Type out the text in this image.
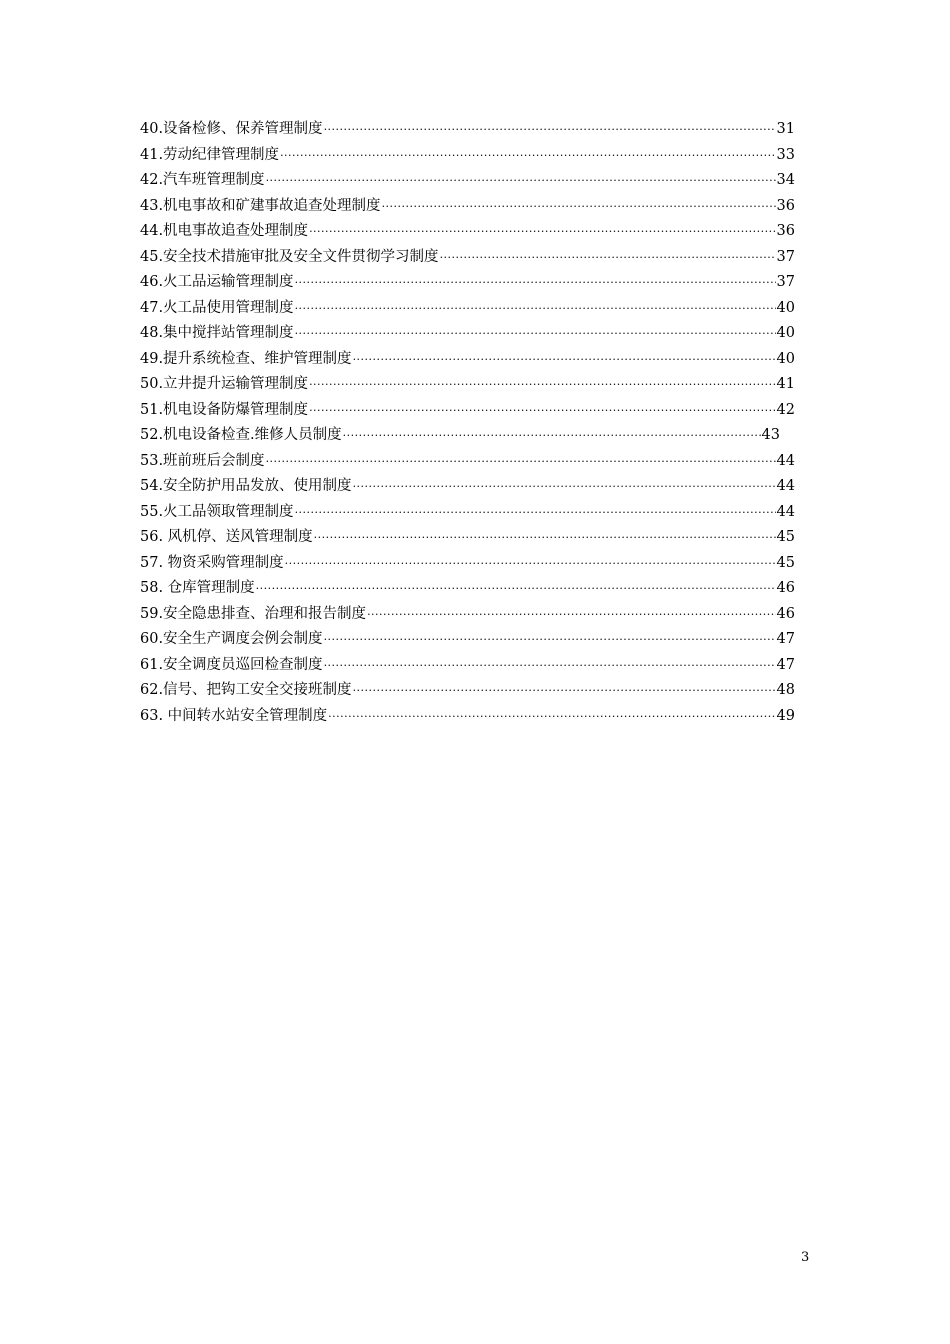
40.设备检修、保养管理制度 ·····	31
41.劳动纪律管理制度 ·····	33
42.汽车班管理制度 ·····	34
43.机电事故和矿建事故追查处理制度 ·····	36
44.机电事故追查处理制度 ·····	36
45.安全技术措施审批及安全文件贯彻学习制度 ·····	37
46.火工品运输管理制度 ·····	37
47.火工品使用管理制度 ·····	40
48.集中搅拌站管理制度 ·····	40
49.提升系统检查、维护管理制度 ·····	40
50.立井提升运输管理制度 ·····	41
51.机电设备防爆管理制度 ·····	42
52.机电设备检查.维修人员制度 ·····	43
53.班前班后会制度 ·····	44
54.安全防护用品发放、使用制度 ·····	44
55.火工品领取管理制度 ·····	44
56. 风机停、送风管理制度 ·····	45
57. 物资采购管理制度 ·····	45
58. 仓库管理制度 ·····	46
59.安全隐患排查、治理和报告制度 ·····	46
60.安全生产调度会例会制度 ·····	47
61.安全调度员巡回检查制度 ·····	47
62.信号、把钩工安全交接班制度 ·····	48
63. 中间转水站安全管理制度 ·····	49
3
